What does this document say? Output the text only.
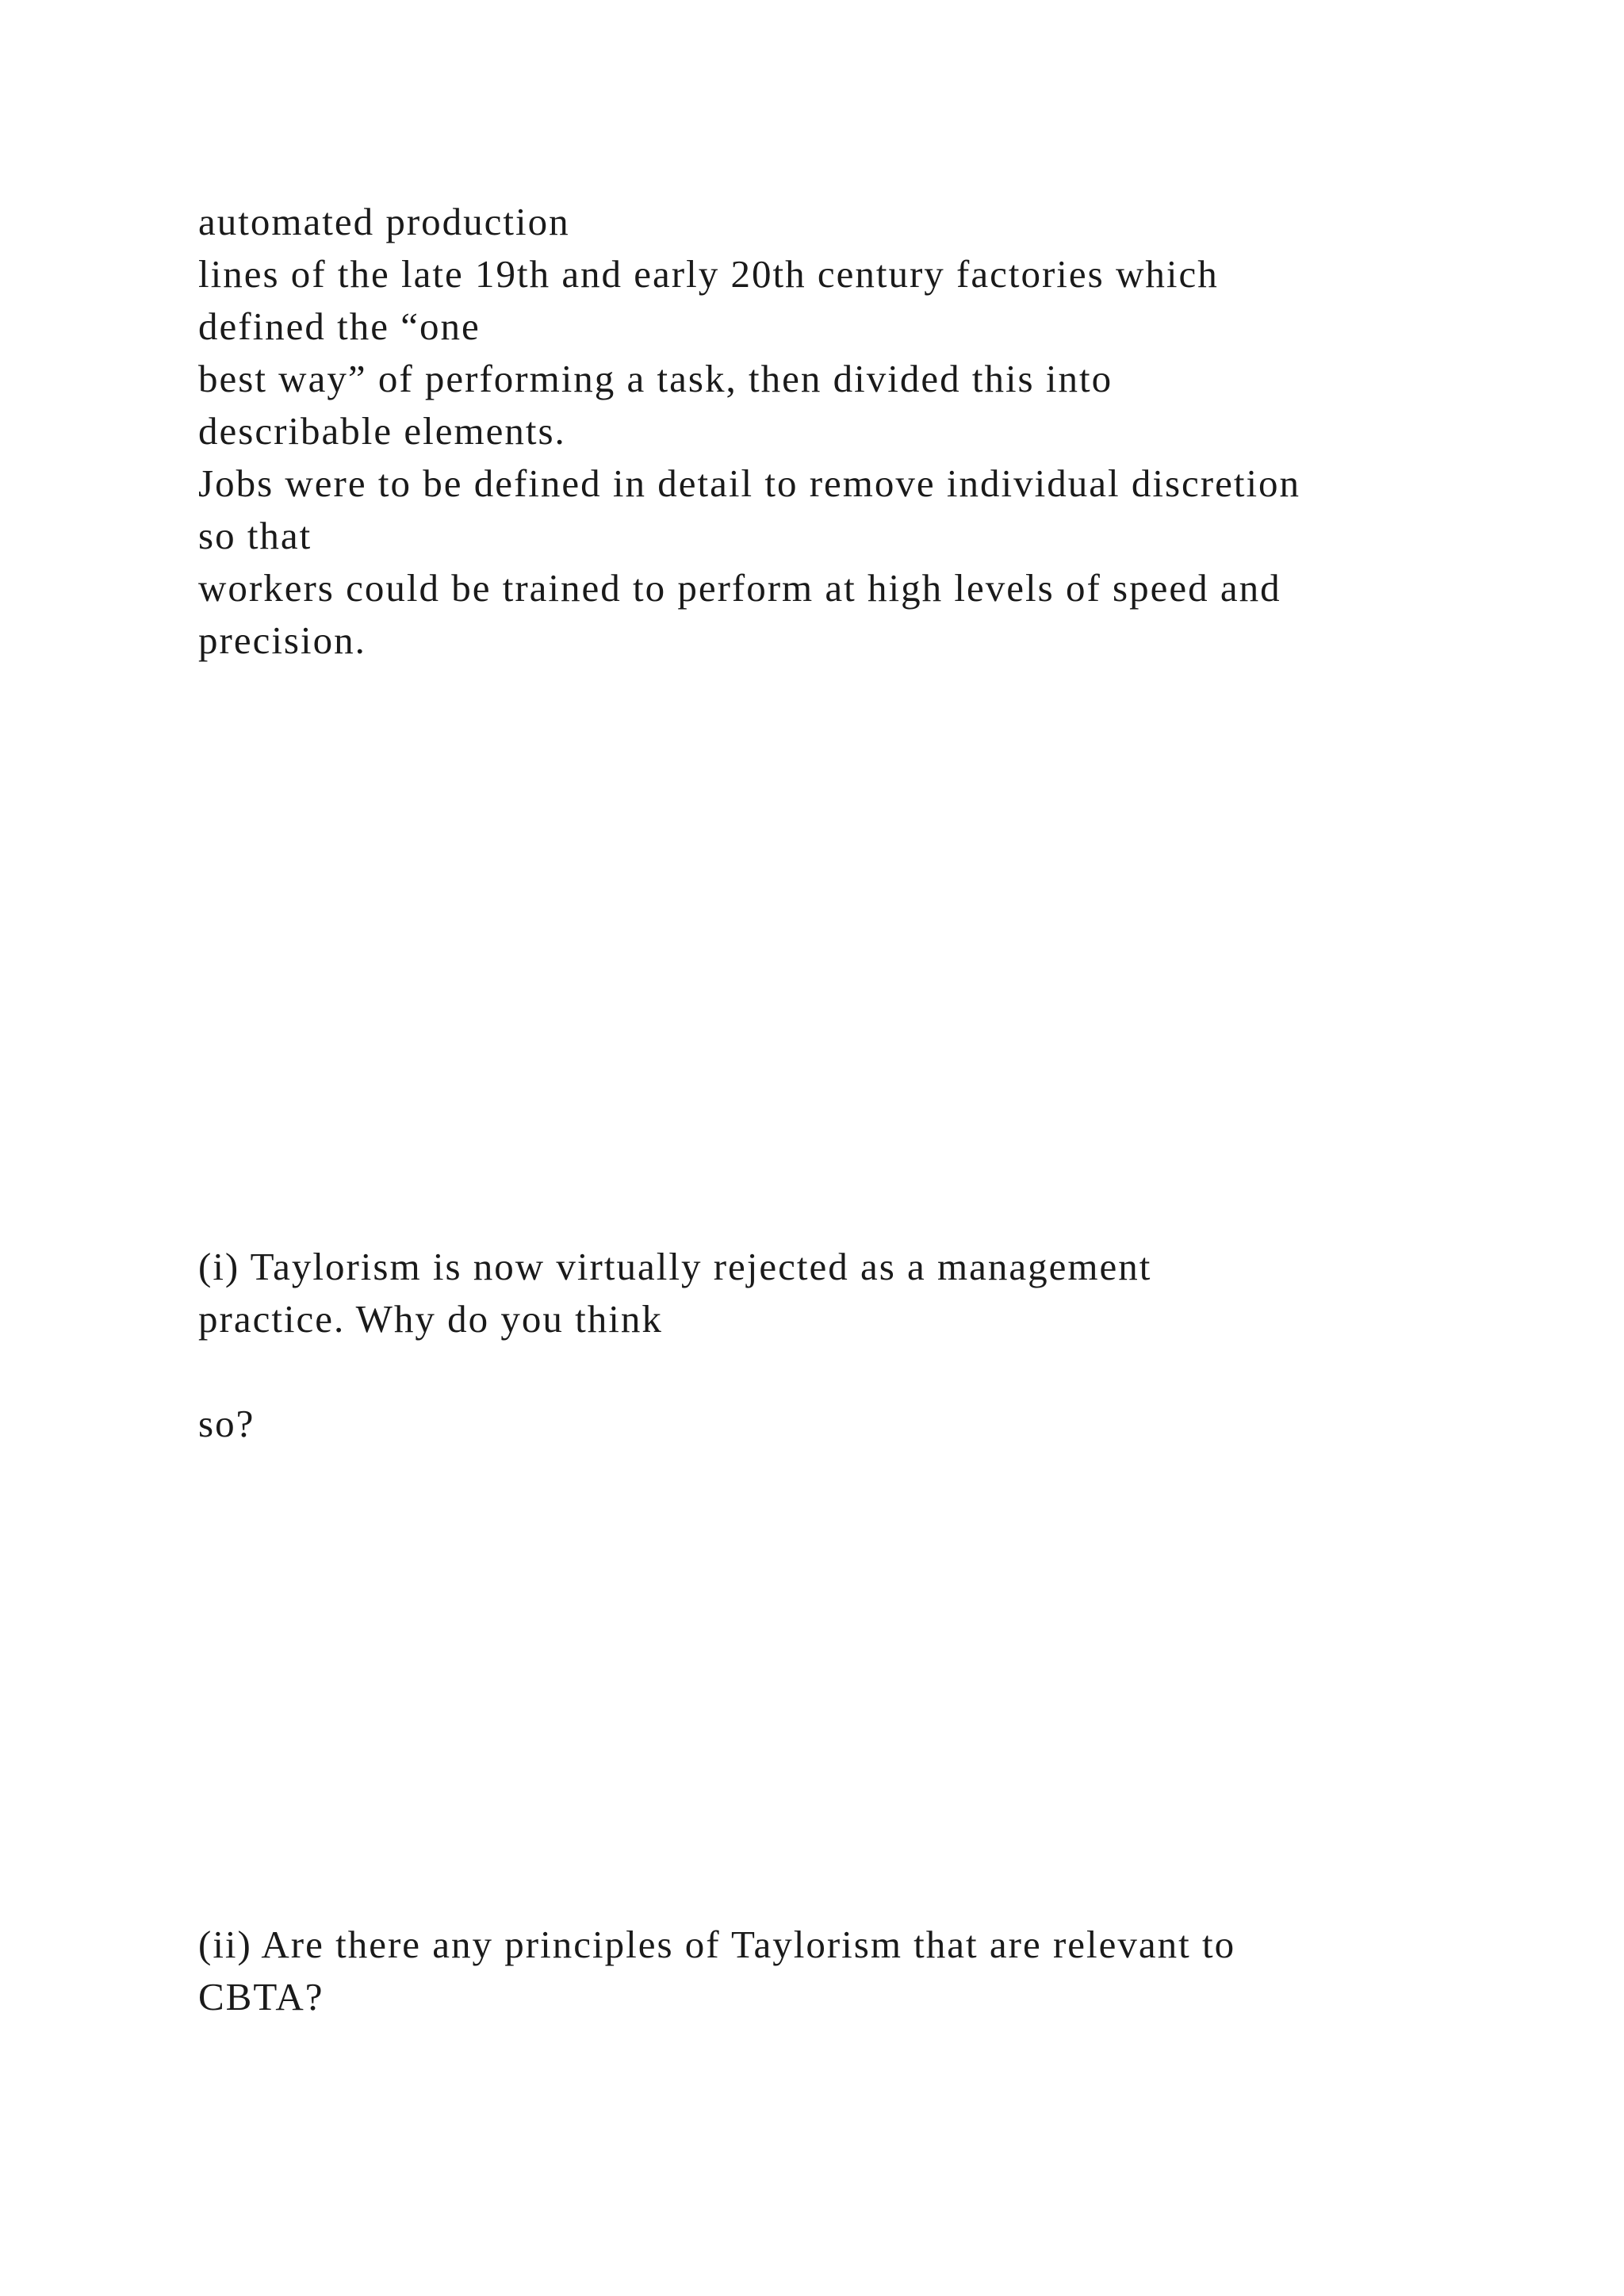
automated production

lines of the late 19th and early 20th century factories which

defined the “one

best way” of performing a task, then divided this into

describable elements.

Jobs were to be defined in detail to remove individual discretion

so that

workers could be trained to perform at high levels of speed and

precision.

(i) Taylorism is now virtually rejected as a management

practice. Why do you think

so?

(ii) Are there any principles of Taylorism that are relevant to

CBTA?
